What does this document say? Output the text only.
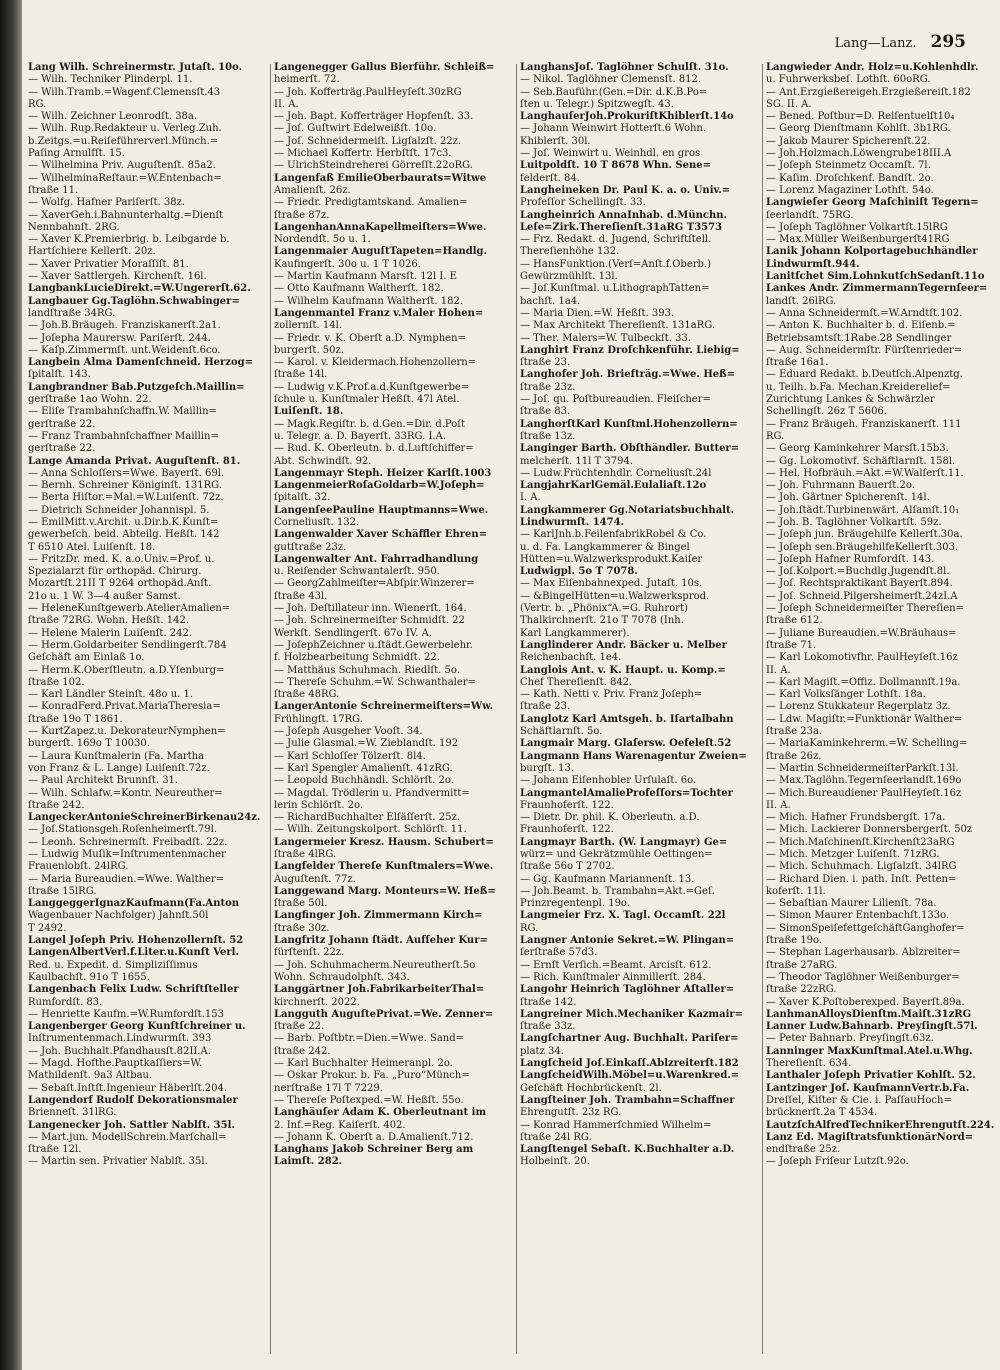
Lang—Lanz. 295
Lang Wilh. Schreinermstr. Jutaſt. 10o.
— Wilh. Techniker Plinderpl. 11.
— Wilh.Tramb.=Wagenf.Clemensſt.43
RG.
— Wilh. Zeichner Leonrodſt. 38a.
— Wilh. Rup.Redakteur u. Verleg.Zuh.
b.Zeitgs.=u.Reiſeführerverl.Münch.=
Paſing Arnulfſt. 15.
— Wilhelmina Priv. Auguſtenſt. 85a2.
— WilhelminaReſtaur.=W.Entenbach=
ſtraße 11.
— Wolfg. Hafner Pariſerſt. 38z.
— XaverGeh.i.Bahnunterhaltg.=Dienſt
Nennbahnſt. 2RG.
— Xaver K.Premierbrig. b. Leibgarde b.
Hartſchiere Kellerſt. 20z.
— Xaver Privatier Moraſſiſt. 81.
— Xaver Sattlergeh. Kirchenſt. 16l.
LangbankLucieDirekt.=W.Ungererſt.62.
Langbauer Gg.Taglöhn.Schwabinger=
landſtraße 34RG.
— Joh.B.Bräugeh. Franziskanerſt.2a1.
— Joſepha Maurersw. Pariſerſt. 244.
— Kaſp.Zimmermſt. unt.Weidenſt.6co.
Langbein Alma Damenſchneid. Herzog=
ſpitalſt. 143.
Langbrandner Bab.Putzgeſch.Maillin=
gerſtraße 1ao Wohn. 22.
— Eliſe Trambahnſchaffn.W. Maillin=
gerſtraße 22.
— Franz Trambahnſchaffner Maillin=
gerſtraße 22.
Lange Amanda Privat. Auguſtenſt. 81.
— Anna Schloſſers=Wwe. Bayerſt. 69l.
— Bernh. Schreiner Königinſt. 131RG.
— Berta Hiſtor.=Mal.=W.Luiſenſt. 72z.
— Dietrich Schneider Johannispl. 5.
— EmilMitt.v.Archit. u.Dir.b.K.Kunſt=
gewerbeſch. beid. Abteilg. Heßſt. 142
T 6510 Atel. Luiſenſt. 18.
— FritzDr. med. K. a.o.Univ.=Prof. u.
Spezialarzt für orthopäd. Chirurg.
Mozartſt.21II T 9264 orthopäd.Anſt.
21o u. 1 W. 3—4 außer Samst.
— HeleneKunſtgewerb.AtelierAmalien=
ſtraße 72RG. Wohn. Heßſt. 142.
— Helene Malerin Luiſenſt. 242.
— Herm.Goldarbeiter Sendlingerſt.784
Geſchäft am Einlaß 1o.
— Herm.K.Oberſtleutn. a.D.Yſenburg=
ſtraße 102.
— Karl Ländler Steinſt. 48o u. 1.
— KonradFerd.Privat.MariaTheresia=
ſtraße 19o T 1861.
— KurtZapez.u. DekorateurNymphen=
burgerſt. 169o T 10030.
— Laura Kunſtmalerin (Fa. Martha
von Franz & L. Lange) Luiſenſt.72z.
— Paul Architekt Brunnſt. 31.
— Wilh. Schlafw.=Kontr. Neureuther=
ſtraße 242.
LangeckerAntonieSchreinerBirkenau24z.
— Joſ.Stationsgeh.Roſenheimerſt.79l.
— Leonh. Schreinermſt. Freibadſt. 22z.
— Ludwig Muſik=Inſtrumentenmacher
Frauenlobſt. 24lRG.
— Maria Bureaudien.=Wwe. Walther=
ſtraße 15lRG.
LanggeggerIgnazKaufmann(Fa.Anton
Wagenbauer Nachfolger) Jahnſt.50l
T 2492.
Langel Joſeph Priv. Hohenzollernſt. 52
LangenAlbertVerl.f.Liter.u.Kunſt Verl.
Red. u. Expedit. d. Simpliziſſimus
Kaulbachſt. 91o T 1655.
Langenbach Felix Ludw. Schriftſteller
Rumfordſt. 83.
— Henriette Kaufm.=W.Rumfordſt.153
Langenberger Georg Kunſtſchreiner u.
Inſtrumentenmach.Lindwurmſt. 393
— Joh. Buchhalt.Pfandhausſt.82II.A.
— Magd. Hofthe.Pauptkaſſiers=W.
Mathildenſt. 9a3 Altbau.
— Sebaſt.Inſtſt.Ingenieur Häberlſt.204.
Langendorf Rudolf Dekorationsmaler
Brienneſt. 31lRG.
Langenecker Joh. Sattler Nablſt. 35l.
— Mart.jun. ModellSchrein.Marſchall=
ſtraße 12l.
— Martin sen. Privatier Nablſt. 35l.
Langenegger Gallus Bierführ. Schleiß=
heimerſt. 72.
— Joh. Kofferträg.PaulHeyſeſt.30zRG
II. A.
— Joh. Bapt. Kofferträger Hopfenſt. 33.
— Joſ. Guſtwirt Edelweißſt. 10o.
— Joſ. Schneidermeiſt. Ligſalzſt. 22z.
— Michael Koffertr. Herbſtſt. 17c3.
— UlrichSteindreherei Görreſſt.22oRG.
Langenfaß EmilieOberbaurats=Witwe
Amalienſt. 26z.
— Friedr. Predigtamtskand. Amalien=
ſtraße 87z.
LangenhanAnnaKapellmeiſters=Wwe.
Nordendſt. 5o u. 1.
Langenmaier AuguſtTapeten=Handlg.
Kaufingerſt. 30o u. 1 T 1026.
— Martin Kaufmann Marsſt. 12l I. E
— Otto Kaufmann Waltherſt. 182.
— Wilhelm Kaufmann Waltherſt. 182.
Langenmantel Franz v.Maler Hohen=
zollernſt. 14l.
— Friedr. v. K. Oberſt a.D. Nymphen=
burgerſt. 50z.
— Karol. v. Kleidermach.Hohenzollern=
ſtraße 14l.
— Ludwig v.K.Prof.a.d.Kunſtgewerbe=
ſchule u. Kunſtmaler Heßſt. 47l Atel.
Luiſenſt. 18.
— Magk.Regiſtr. b. d.Gen.=Dir. d.Poſt
u. Telegr. a. D. Bayerſt. 33RG. I.A.
— Rud. K. Oberleutn. b. d.Luftſchiffer=
Abt. Schwindſt. 92.
Langenmayr Steph. Heizer Karlſt.1003
LangenmeierRoſaGoldarb=W.Joſeph=
ſpitalſt. 32.
LangenſeePauline Hauptmanns=Wwe.
Corneliusſt. 132.
Langenwalder Xaver Schäffler Ehren=
gutſtraße 23z.
Langenwalter Ant. Fahrradhandlung
u. Reiſender Schwantalerſt. 950.
— GeorgZahlmeiſter=Abſpir.Winzerer=
ſtraße 43l.
— Joh. Deſtillateur inn. Wienerſt. 164.
— Joh. Schreinermeiſter Schmidſt. 22
Werkſt. Sendlingerſt. 67o IV. A.
— JoſephZeichner u.ſtädt.Gewerbelehr.
f. Holzbearbeitung Schmidſt. 22.
— Matthäus Schuhmach. Riedlſt. 5o.
— Thereſe Schuhm.=W. Schwanthaler=
ſtraße 48RG.
LangerAntonie Schreinermeiſters=Ww.
Frühlingſt. 17RG.
— Joſeph Ausgeher Vooſt. 34.
— Julie Glasmal.=W. Zieblandſt. 192
— Karl Schloſſer Tölzerſt. 8l4.
— Karl Spengler Amalienſt. 41zRG.
— Leopold Buchhändl. Schlörſt. 2o.
— Magdal. Trödlerin u. Pfandvermitt=
lerin Schlörſt. 2o.
— RichardBuchhalter Elſäſſerſt. 25z.
— Wilh. Zeitungskolport. Schlörſt. 11.
Langermeier Kresz. Hausm. Schubert=
ſtraße 4lRG.
Langfelder Thereſe Kunſtmalers=Wwe.
Auguſtenſt. 77z.
Langgewand Marg. Monteurs=W. Heß=
ſtraße 50l.
Langfinger Joh. Zimmermann Kirch=
ſtraße 30z.
Langfritz Johann ſtädt. Aufſeher Kur=
fürſtenſt. 22z.
— Joh. Schuhmacherm.Neureutherſt.5o
Wohn. Schraudolphſt. 343.
Langgärtner Joh.FabrikarbeiterThal=
kirchnerſt. 2022.
Langguth AuguſtePrivat.=We. Zenner=
ſtraße 22.
— Barb. Poſtbtr.=Dien.=Wwe. Sand=
ſtraße 242.
— Karl Buchhalter Heimeranpl. 2o.
— Oskar Prokur. b. Fa. „Puro“Münch=
nerſtraße 17l T 7229.
— Thereſe Poſtexped.=W. Heßſt. 55o.
Langhäuſer Adam K. Oberleutnant im
2. Inf.=Reg. Kaiſerſt. 402.
— Johann K. Oberſt a. D.Amalienſt.712.
Langhans Jakob Schreiner Berg am
Laimſt. 282.
LanghansJoſ. Taglöhner Schulſt. 31o.
— Nikol. Taglöhner Clemensſt. 812.
— Seb.Bauführ.(Gen.=Dir. d.K.B.Po=
ſten u. Telegr.) Spitzwegſt. 43.
LanghauſerJoh.ProkuriſtKhiblerſt.14o
— Johann Weinwirt Hotterſt.6 Wohn.
Khiblerſt. 30l.
— Joſ. Weinwirt u. Weinhdl. en gros
Luitpoldſt. 10 T 8678 Whn. Sene=
felderſt. 84.
Langheineken Dr. Paul K. a. o. Univ.=
Profeſſor Schellingſt. 33.
Langheinrich AnnaInhab. d.Münchn.
Leſe=Zirk.Thereſienſt.31aRG T3573
— Frz. Redakt. d. Jugend, Schriftſtell.
Thereſienhöhe 132.
— HansFunktion.(Verſ=Anſt.f.Oberb.)
Gewürzmühlſt. 13l.
— Joſ.Kunſtmal. u.LithographTatten=
bachſt. 1a4.
— Maria Dien.=W. Heßſt. 393.
— Max Architekt Thereſienſt. 131aRG.
— Ther. Malers=W. Tulbeckſt. 33.
Langhirt Franz Droſchkenführ. Liebig=
ſtraße 23.
Langhofer Joh. Briefträg.=Wwe. Heß=
ſtraße 23z.
— Joſ. qu. Poſtbureaudien. Fleiſcher=
ſtraße 83.
LanghorſtKarl Kunſtml.Hohenzollern=
ſtraße 13z.
Langinger Barth. Obſthändler. Butter=
melcherſt. 11l T 3794.
— Ludw.Früchtenhdlr. Corneliusſt.24l
LangjahrKarlGemäl.Eulaliaſt.12o
I. A.
Langkammerer Gg.Notariatsbuchhalt.
Lindwurmſt. 1474.
— KarlJnh.b.FeilenfabrikRobel & Co.
u. d. Fa. Langkammerer & Bingel
Hütten=u.Walzwerksprodukt.Kaiſer
Ludwigpl. 5o T 7078.
— Max Eiſenbahnexped. Jutaſt. 10s.
— &BingelHütten=u.Walzwerksprod.
(Vertr. b. „Phönix“A.=G. Ruhrort)
Thalkirchnerſt. 21o T 7078 (Inh.
Karl Langkammerer).
Langlinderer Andr. Bäcker u. Melber
Reichenbachſt. 1e4.
Langlois Ant. v. K. Haupt. u. Komp.=
Chef Thereſienſt. 842.
— Kath. Netti v. Priv. Franz Joſeph=
ſtraße 23.
Langlotz Karl Amtsgeh. b. Iſartalbahn
Schäftlarnſt. 5o.
Langmair Marg. Glaſersw. Oefeleſt.52
Langmann Hans Warenagentur Zweien=
burgſt. 13.
— Johann Eiſenhobler Urſulaſt. 6o.
LangmantelAmalieProfeſſors=Tochter
Fraunhoferſt. 122.
— Dietr. Dr. phil. K. Oberleutn. a.D.
Fraunhoferſt. 122.
Langmayr Barth. (W. Langmayr) Ge=
würz= und Gekrätzmühle Oettingen=
ſtraße 56o T 2702.
— Gg. Kaufmann Mariannenſt. 13.
— Joh.Beamt. b. Trambahn=Akt.=Geſ.
Prinzregentenpl. 19o.
Langmeier Frz. X. Tagl. Occamſt. 22l
RG.
Langner Antonie Sekret.=W. Plingan=
ſerſtraße 57d3.
— Ernſt Verſich.=Beamt. Arcisſt. 612.
— Rich. Kunſtmaler Ainmillerſt. 284.
Langohr Heinrich Taglöhner Aſtaller=
ſtraße 142.
Langreiner Mich.Mechaniker Kazmair=
ſtraße 33z.
Langſchartner Aug. Buchhalt. Pariſer=
platz 34.
Langſcheid Joſ.Einkaſſ.Ablzreiterſt.182
LangſcheidWilh.Möbel=u.Warenkred.=
Geſchäft Hochbrückenſt. 2l.
Langſteiner Joh. Trambahn=Schaffner
Ehrengutſt. 23z RG.
— Konrad Hammerſchmied Wilhelm=
ſtraße 24l RG.
Langſtengel Sebaſt. K.Buchhalter a.D.
Holbeinſt. 20.
Langwieder Andr. Holz=u.Kohlenhdlr.
u. Fuhrwerksbeſ. Lothſt. 60oRG.
— Ant.Erzgießereigeh.Erzgießereiſt.182
SG. II. A.
— Bened. Poſtbur=D. Reiſentuelſt10₄
— Georg Dienſtmann Kohlſt. 3b1RG.
— Jakob Maurer Spicherenſt.22.
— Joh.Holzmach.Löwengrube18III.A
— Joſeph Steinmetz Occamſt. 7l.
— Kaſim. Droſchkenf. Bandſt. 2o.
— Lorenz Magaziner Lothſt. 54o.
Langwieſer Georg Maſchiniſt Tegern=
ſeerlandſt. 75RG.
— Joſeph Taglöhner Volkartſt.15lRG
— Max.Müller Weißenburgerſt41RG
Lanik Johann Kolportagebuchhändler
Lindwurmſt.944.
Lanitſchet Sim.LohnkutſchSedanſt.11o
Lankes Andr. ZimmermannTegernſeer=
landſt. 26lRG.
— Anna Schneidermſt.=W.Arndtſt.102.
— Anton K. Buchhalter b. d. Eiſenb.=
Betriebsamtsſt.1Rabe.28 Sendlinger
— Aug. Schneidermſtr. Fürſtenrieder=
ſtraße 16a1.
— Eduard Redakt. b.Deutſch.Alpenztg.
u. Teilh. b.Fa. Mechan.Kreiderelief=
Zurichtung Lankes & Schwärzler
Schellingſt. 26z T 5606.
— Franz Bräugeh. Franziskanerſt. 111
RG.
— Georg Kaminkehrer Marsſt.15b3.
— Gg. Lokomotivf. Schäftlarnſt. 158l.
— Hel. Hofbräuh.=Akt.=W.Walſerſt.11.
— Joh. Fuhrmann Bauerſt.2o.
— Joh. Gärtner Spicherenſt. 14l.
— Joh.ſtädt.Turbinenwärt. Alſamſt.10₁
— Joh. B. Taglöhner Volkartſt. 59z.
— Joſeph jun. Bräugehilfe Kellerſt.30a.
— Joſeph sen.BräugehilfeKellerſt.303.
— Joſeph Hafner Rumfordſt. 143.
— Joſ.Kolport.=Buchdlg.Jugendſt.8l.
— Joſ. Rechtspraktikant Bayerſt.894.
— Joſ. Schneid.Pilgersheimerſt.24zI.A
— Joſeph Schneidermeiſter Thereſien=
ſtraße 612.
— Juliane Bureaudien.=W.Bräuhaus=
ſtraße 71.
— Karl Lokomotivfhr. PaulHeyſeſt.16z
II. A.
— Karl Magiſt.=Offiz. Dollmannſt.19a.
— Karl Volksſänger Lothſt. 18a.
— Lorenz Stukkateur Regerplatz 3z.
— Ldw. Magiſtr.=Funktionär Walther=
ſtraße 23a.
— MariaKaminkehrerm.=W. Schelling=
ſtraße 26z.
— Martin SchneidermeiſterParkſt.13l.
— Max.Taglöhn.Tegernſeerlandſt.169o
— Mich.Bureaudiener PaulHeyſeſt.16z
II. A.
— Mich. Hafner Frundsbergſt. 17a.
— Mich. Lackierer Donnersbergerſt. 50z
— Mich.Maſchinenſt.Kirchenſt23aRG
— Mich. Metzger Luiſenſt. 71zRG.
— Mich. Schuhmach. Ligſalzſt. 34lRG
— Richard Dien. i. path. Inſt. Petten=
koferſt. 11l.
— Sebaſtian Maurer Lilienſt. 78a.
— Simon Maurer Entenbachſt.133o.
— SimonSpeiſefettgeſchäftGanghofer=
ſtraße 19o.
— Stephan Lagerhausarb. Ablzreiter=
ſtraße 27aRG.
— Theodor Taglöhner Weißenburger=
ſtraße 22zRG.
— Xaver K.Poſtoberexped. Bayerſt.89a.
LanhmanAlloysDienſtm.Maiſt.31zRG
Lanner Ludw.Bahnarb. Preyſingſt.57l.
— Peter Bahnarb. Preyſingſt.63z.
Lanninger MaxKunſtmal.Atel.u.Whg.
Thereſienſt. 634.
Lanthaler Joſeph Privatier Kohlſt. 52.
Lantzinger Joſ. KaufmannVertr.b.Fa.
Dreſſel, Kiſter & Cie. i. PaſſauHoch=
brücknerſt.2a T 4534.
LautzſchAlfredTechnikerEhrengutſt.224.
Lanz Ed. MagiſtratsfunktionärNord=
endſtraße 25z.
— Joſeph Friſeur Lutzſt.92o.
